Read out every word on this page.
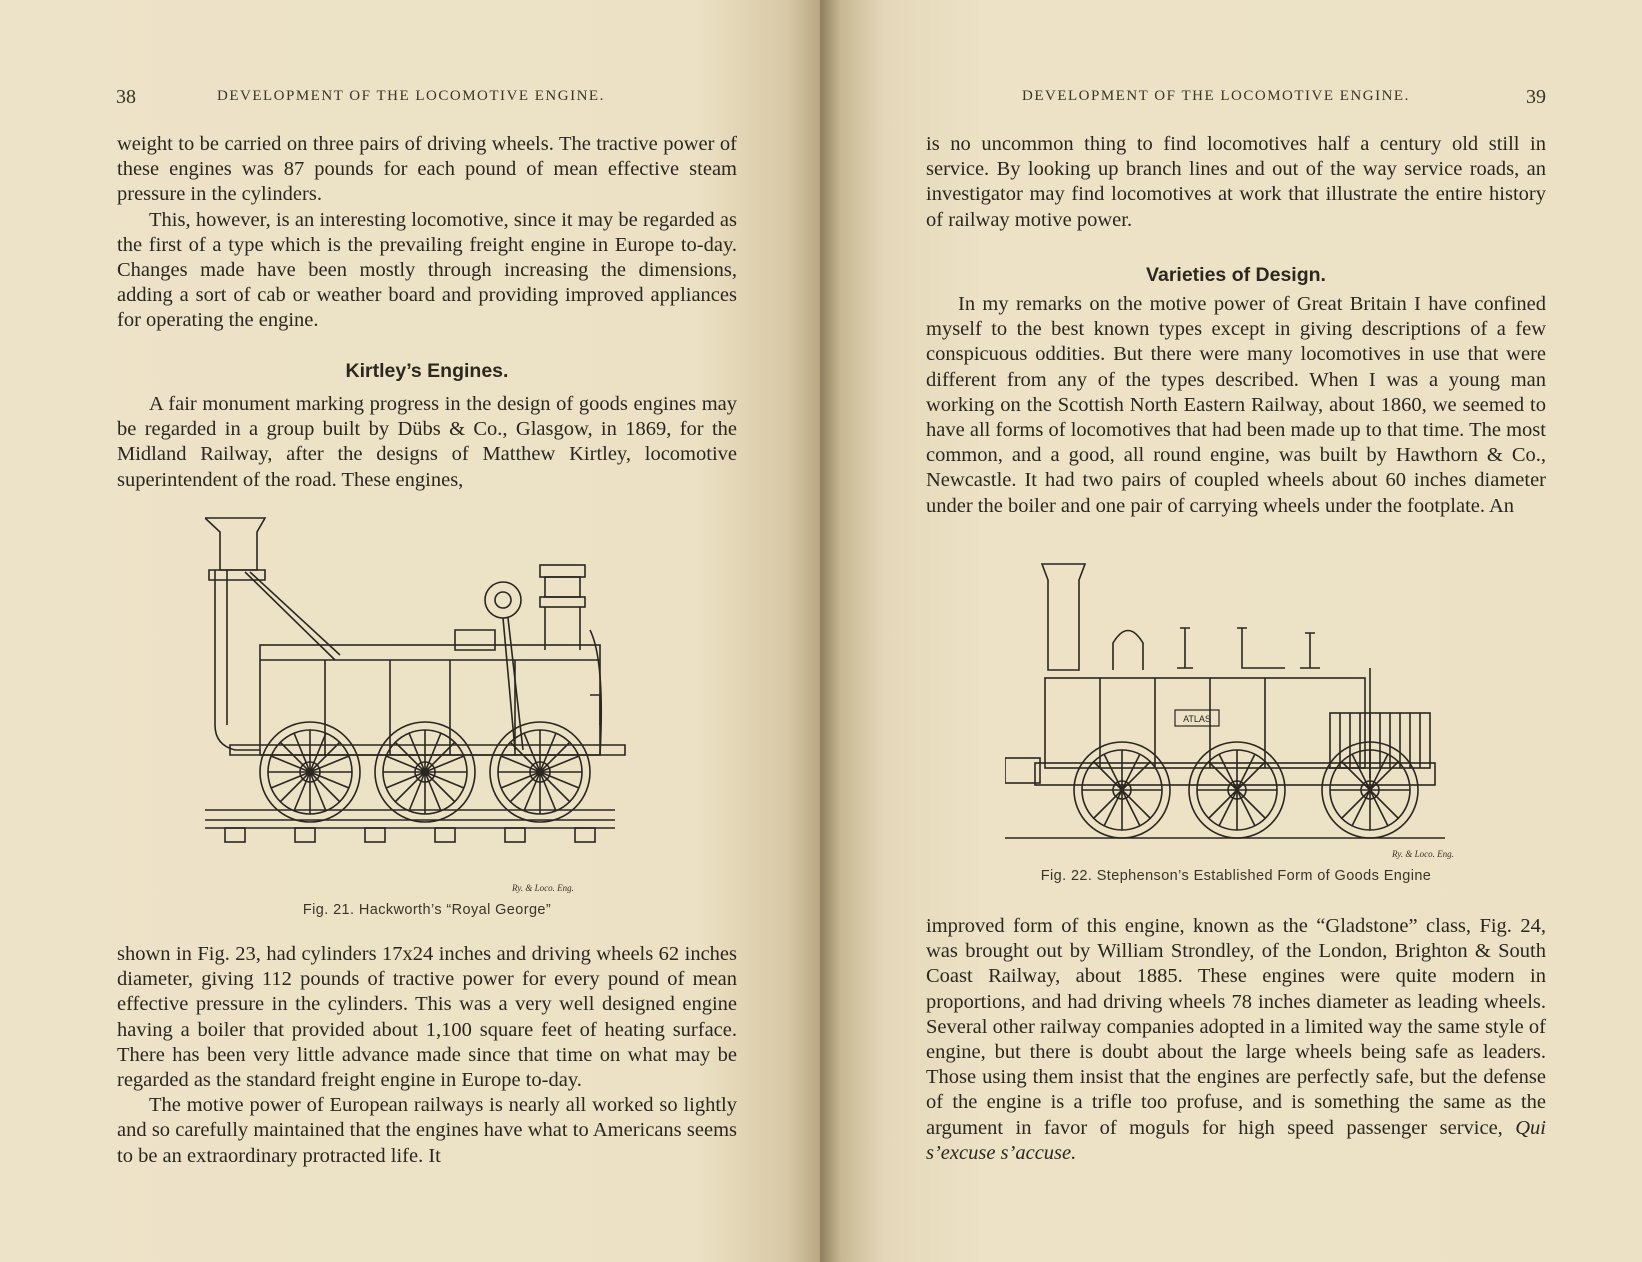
38	DEVELOPMENT OF THE LOCOMOTIVE ENGINE.

weight to be carried on three pairs of driving wheels. The tractive power of these engines was 87 pounds for each pound of mean effective steam pressure in the cylinders.

This, however, is an interesting locomotive, since it may be regarded as the first of a type which is the prevailing freight engine in Europe to-day. Changes made have been mostly through increasing the dimensions, adding a sort of cab or weather board and providing improved appliances for operating the engine.

Kirtley’s Engines.

A fair monument marking progress in the design of goods engines may be regarded in a group built by Dübs & Co., Glasgow, in 1869, for the Midland Railway, after the designs of Matthew Kirtley, locomotive superintendent of the road. These engines,

Ry. & Loco. Eng.
Fig. 21. Hackworth’s “Royal George”

shown in Fig. 23, had cylinders 17x24 inches and driving wheels 62 inches diameter, giving 112 pounds of tractive power for every pound of mean effective pressure in the cylinders. This was a very well designed engine having a boiler that provided about 1,100 square feet of heating surface. There has been very little advance made since that time on what may be regarded as the standard freight engine in Europe to-day.

The motive power of European railways is nearly all worked so lightly and so carefully maintained that the engines have what to Americans seems to be an extraordinary protracted life. It

DEVELOPMENT OF THE LOCOMOTIVE ENGINE.	39

is no uncommon thing to find locomotives half a century old still in service. By looking up branch lines and out of the way service roads, an investigator may find locomotives at work that illustrate the entire history of railway motive power.

Varieties of Design.

In my remarks on the motive power of Great Britain I have confined myself to the best known types except in giving descriptions of a few conspicuous oddities. But there were many locomotives in use that were different from any of the types described. When I was a young man working on the Scottish North Eastern Railway, about 1860, we seemed to have all forms of locomotives that had been made up to that time. The most common, and a good, all round engine, was built by Hawthorn & Co., Newcastle. It had two pairs of coupled wheels about 60 inches diameter under the boiler and one pair of carrying wheels under the footplate. An

ATLAS
Ry. & Loco. Eng.
Fig. 22. Stephenson’s Established Form of Goods Engine

improved form of this engine, known as the “Gladstone” class, Fig. 24, was brought out by William Strondley, of the London, Brighton & South Coast Railway, about 1885. These engines were quite modern in proportions, and had driving wheels 78 inches diameter as leading wheels. Several other railway companies adopted in a limited way the same style of engine, but there is doubt about the large wheels being safe as leaders. Those using them insist that the engines are perfectly safe, but the defense of the engine is a trifle too profuse, and is something the same as the argument in favor of moguls for high speed passenger service, Qui s’excuse s’accuse.
